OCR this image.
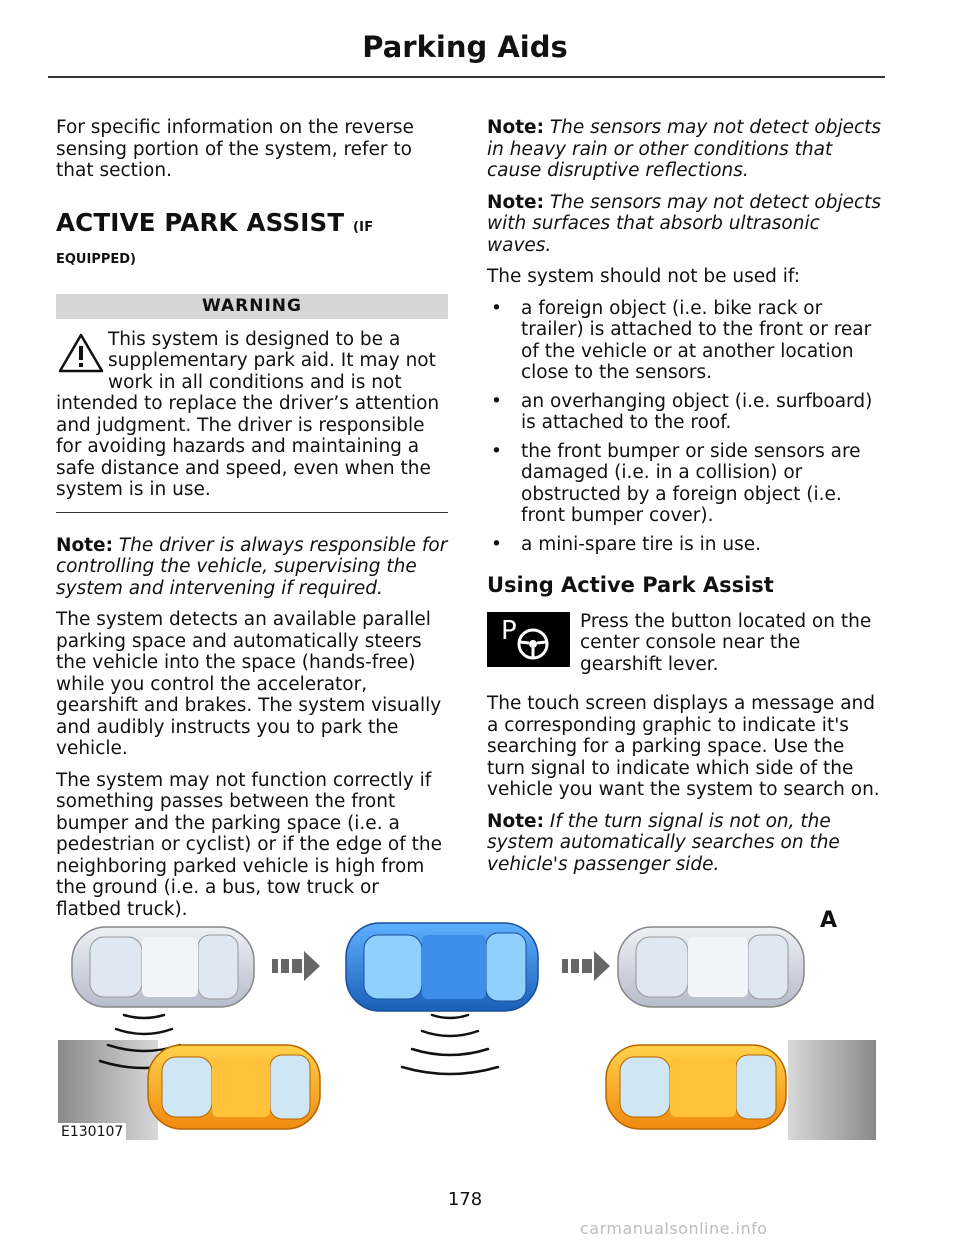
Parking Aids

For specific information on the reverse sensing portion of the system, refer to that section.

ACTIVE PARK ASSIST (IF
EQUIPPED)
WARNING
This system is designed to be a supplementary park aid. It may not work in all conditions and is not intended to replace the driver’s attention and judgment. The driver is responsible for avoiding hazards and maintaining a safe distance and speed, even when the system is in use.

Note: The driver is always responsible for controlling the vehicle, supervising the system and intervening if required.

The system detects an available parallel parking space and automatically steers the vehicle into the space (hands-free) while you control the accelerator, gearshift and brakes. The system visually and audibly instructs you to park the vehicle.

The system may not function correctly if something passes between the front bumper and the parking space (i.e. a pedestrian or cyclist) or if the edge of the neighboring parked vehicle is high from the ground (i.e. a bus, tow truck or flatbed truck).

Note: The sensors may not detect objects in heavy rain or other conditions that cause disruptive reflections.

Note: The sensors may not detect objects with surfaces that absorb ultrasonic waves.

The system should not be used if:

• a foreign object (i.e. bike rack or trailer) is attached to the front or rear of the vehicle or at another location close to the sensors.
• an overhanging object (i.e. surfboard) is attached to the roof.
• the front bumper or side sensors are damaged (i.e. in a collision) or obstructed by a foreign object (i.e. front bumper cover).
• a mini-spare tire is in use.
Using Active Park Assist
P	Press the button located on the center console near the gearshift lever.

The touch screen displays a message and a corresponding graphic to indicate it's searching for a parking space. Use the turn signal to indicate which side of the vehicle you want the system to search on.

Note: If the turn signal is not on, the system automatically searches on the vehicle's passenger side.

E130107
A
178
carmanualsonline.info
